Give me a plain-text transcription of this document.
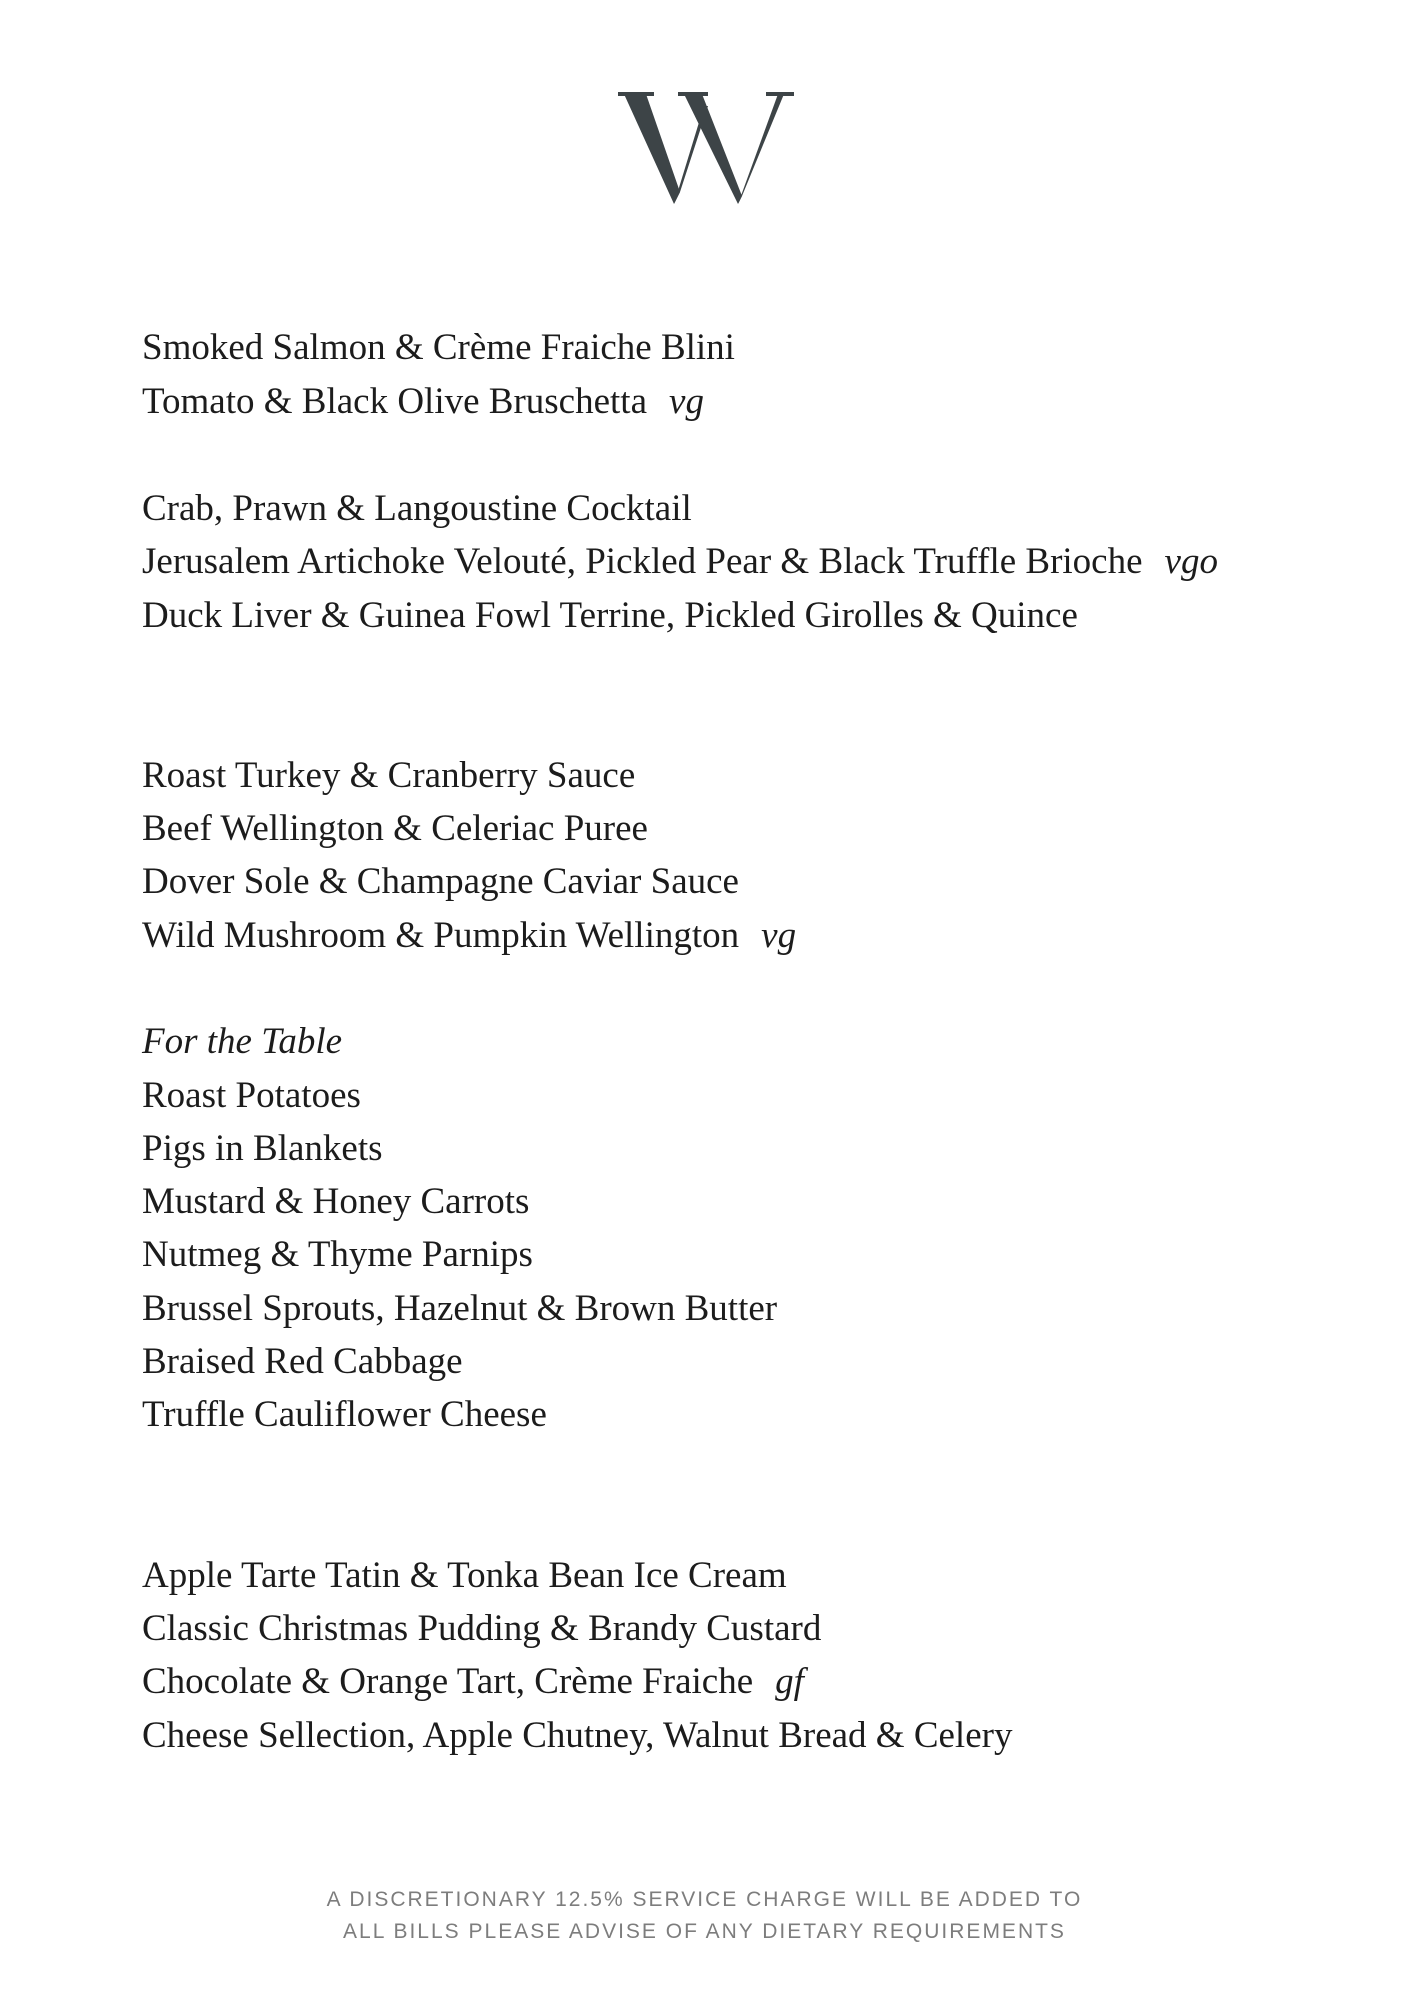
Smoked Salmon & Crème Fraiche Blini
Tomato & Black Olive Bruschetta vg
Crab, Prawn & Langoustine Cocktail
Jerusalem Artichoke Velouté, Pickled Pear & Black Truffle Brioche vgo
Duck Liver & Guinea Fowl Terrine, Pickled Girolles & Quince
Roast Turkey & Cranberry Sauce
Beef Wellington & Celeriac Puree
Dover Sole & Champagne Caviar Sauce
Wild Mushroom & Pumpkin Wellington vg
For the Table
Roast Potatoes
Pigs in Blankets
Mustard & Honey Carrots
Nutmeg & Thyme Parnips
Brussel Sprouts, Hazelnut & Brown Butter
Braised Red Cabbage
Truffle Cauliflower Cheese
Apple Tarte Tatin & Tonka Bean Ice Cream
Classic Christmas Pudding & Brandy Custard
Chocolate & Orange Tart, Crème Fraiche gf
Cheese Sellection, Apple Chutney, Walnut Bread & Celery
A DISCRETIONARY 12.5% SERVICE CHARGE WILL BE ADDED TO
ALL BILLS PLEASE ADVISE OF ANY DIETARY REQUIREMENTS
